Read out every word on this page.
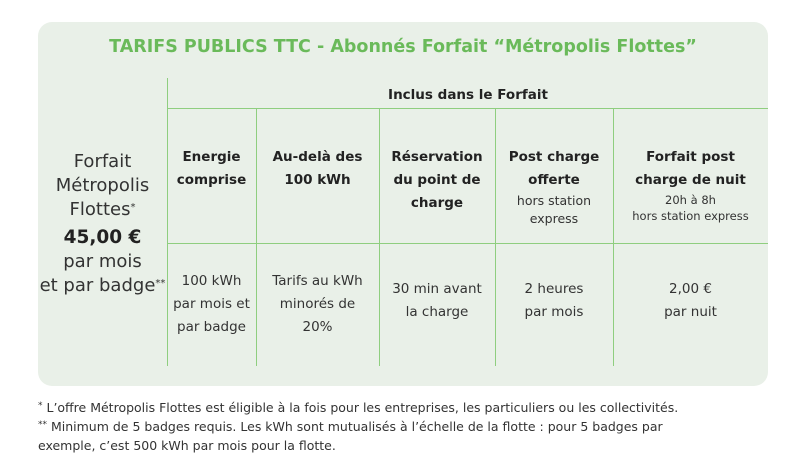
TARIFS PUBLICS TTC - Abonnés Forfait “Métropolis Flottes”
Forfait
Métropolis
Flottes*
45,00 €
par mois
et par badge**
Inclus dans le Forfait
Energie
comprise
Au-delà des
100 kWh
Réservation
du point de
charge
Post charge
offerte
hors station
express
Forfait post
charge de nuit
20h à 8h
hors station express
100 kWh
par mois et
par badge
Tarifs au kWh
minorés de
20%
30 min avant
la charge
2 heures
par mois
2,00 €
par nuit
* L’offre Métropolis Flottes est éligible à la fois pour les entreprises, les particuliers ou les collectivités.
** Minimum de 5 badges requis. Les kWh sont mutualisés à l’échelle de la flotte : pour 5 badges par
exemple, c’est 500 kWh par mois pour la flotte.
